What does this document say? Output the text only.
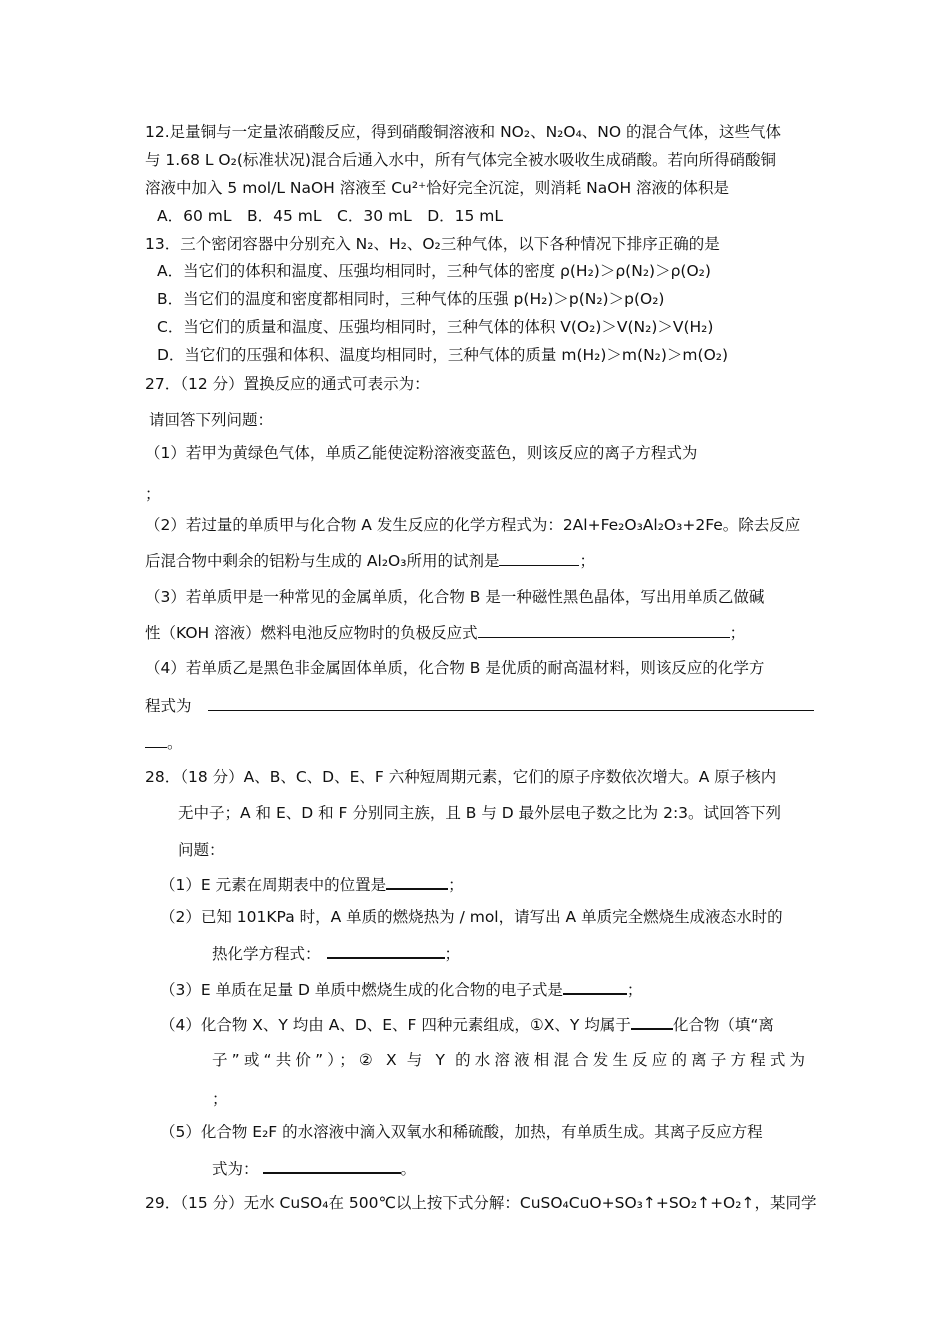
12.足量铜与一定量浓硝酸反应，得到硝酸铜溶液和 NO₂、N₂O₄、NO 的混合气体，这些气体
与 1.68 L O₂(标准状况)混合后通入水中，所有气体完全被水吸收生成硝酸。若向所得硝酸铜
溶液中加入 5 mol/L NaOH 溶液至 Cu²⁺恰好完全沉淀，则消耗 NaOH 溶液的体积是
A．60 mL　B．45 mL　C．30 mL　D．15 mL
13．三个密闭容器中分别充入 N₂、H₂、O₂三种气体，以下各种情况下排序正确的是
A．当它们的体积和温度、压强均相同时，三种气体的密度 ρ(H₂)＞ρ(N₂)＞ρ(O₂)
B．当它们的温度和密度都相同时，三种气体的压强 p(H₂)＞p(N₂)＞p(O₂)
C．当它们的质量和温度、压强均相同时，三种气体的体积 V(O₂)＞V(N₂)＞V(H₂)
D．当它们的压强和体积、温度均相同时，三种气体的质量 m(H₂)＞m(N₂)＞m(O₂)
27．（12 分）置换反应的通式可表示为：
请回答下列问题：
（1）若甲为黄绿色气体，单质乙能使淀粉溶液变蓝色，则该反应的离子方程式为
；
（2）若过量的单质甲与化合物 A 发生反应的化学方程式为：2Al+Fe₂O₃Al₂O₃+2Fe。除去反应
后混合物中剩余的铝粉与生成的 Al₂O₃所用的试剂是	；
（3）若单质甲是一种常见的金属单质，化合物 B 是一种磁性黑色晶体，写出用单质乙做碱
性（KOH 溶液）燃料电池反应物时的负极反应式	；
（4）若单质乙是黑色非金属固体单质，化合物 B 是优质的耐高温材料，则该反应的化学方
程式为
。
28．（18 分）A、B、C、D、E、F 六种短周期元素，它们的原子序数依次增大。A 原子核内
无中子；A 和 E、D 和 F 分别同主族，且 B 与 D 最外层电子数之比为 2:3。试回答下列
问题：
（1）E 元素在周期表中的位置是	；
（2）已知 101KPa 时，A 单质的燃烧热为 / mol，请写出 A 单质完全燃烧生成液态水时的
热化学方程式：	；
（3）E 单质在足量 D 单质中燃烧生成的化合物的电子式是	；
（4）化合物 X、Y 均由 A、D、E、F 四种元素组成，①X、Y 均属于	化合物（填“离
子”或“共价”）；② X 与 Y 的水溶液相混合发生反应的离子方程式为
；
（5）化合物 E₂F 的水溶液中滴入双氧水和稀硫酸，加热，有单质生成。其离子反应方程
式为：	。
29．（15 分）无水 CuSO₄在 500℃以上按下式分解：CuSO₄CuO+SO₃↑+SO₂↑+O₂↑，某同学
